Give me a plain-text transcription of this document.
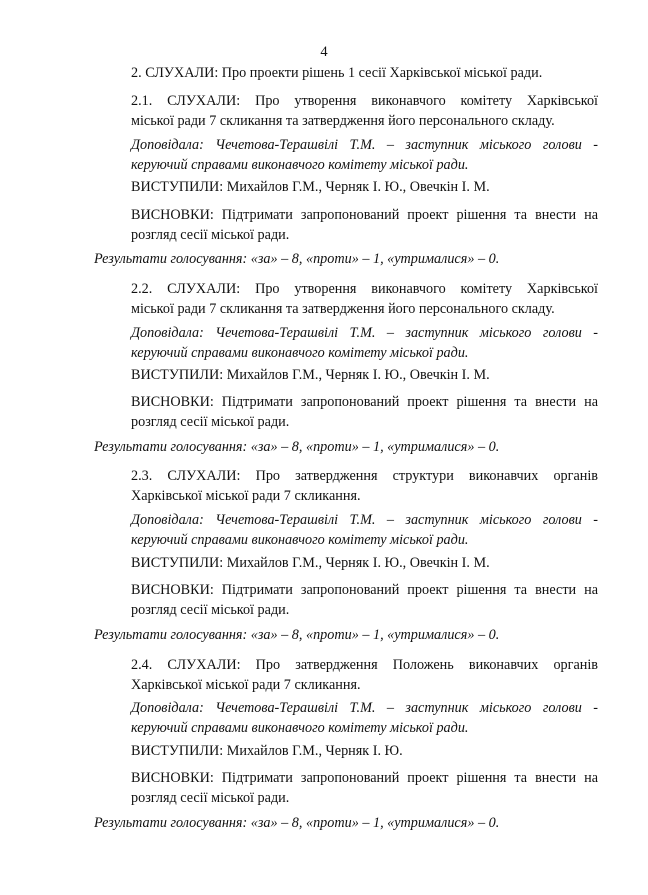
4

2. СЛУХАЛИ: Про проекти рішень 1 сесії Харківської міської ради.

2.1. СЛУХАЛИ: Про утворення виконавчого комітету Харківської
міської ради 7 скликання та затвердження його персонального складу.

Доповідала: Чечетова-Терашвілі Т.М. – заступник міського голови -
керуючий справами виконавчого комітету міської ради.

ВИСТУПИЛИ: Михайлов Г.М., Черняк І. Ю., Овечкін І. М.

ВИСНОВКИ: Підтримати запропонований проект рішення та внести на
розгляд сесії міської ради.

Результати голосування: «за» – 8, «проти» – 1, «утрималися» – 0.

2.2. СЛУХАЛИ: Про утворення виконавчого комітету Харківської
міської ради 7 скликання та затвердження його персонального складу.

Доповідала: Чечетова-Терашвілі Т.М. – заступник міського голови -
керуючий справами виконавчого комітету міської ради.

ВИСТУПИЛИ: Михайлов Г.М., Черняк І. Ю., Овечкін І. М.

ВИСНОВКИ: Підтримати запропонований проект рішення та внести на
розгляд сесії міської ради.

Результати голосування: «за» – 8, «проти» – 1, «утрималися» – 0.

2.3. СЛУХАЛИ: Про затвердження структури виконавчих органів
Харківської міської ради 7 скликання.

Доповідала: Чечетова-Терашвілі Т.М. – заступник міського голови -
керуючий справами виконавчого комітету міської ради.

ВИСТУПИЛИ: Михайлов Г.М., Черняк І. Ю., Овечкін І. М.

ВИСНОВКИ: Підтримати запропонований проект рішення та внести на
розгляд сесії міської ради.

Результати голосування: «за» – 8, «проти» – 1, «утрималися» – 0.

2.4. СЛУХАЛИ: Про затвердження Положень виконавчих органів
Харківської міської ради 7 скликання.

Доповідала: Чечетова-Терашвілі Т.М. – заступник міського голови -
керуючий справами виконавчого комітету міської ради.

ВИСТУПИЛИ: Михайлов Г.М., Черняк І. Ю.

ВИСНОВКИ: Підтримати запропонований проект рішення та внести на
розгляд сесії міської ради.

Результати голосування: «за» – 8, «проти» – 1, «утрималися» – 0.
